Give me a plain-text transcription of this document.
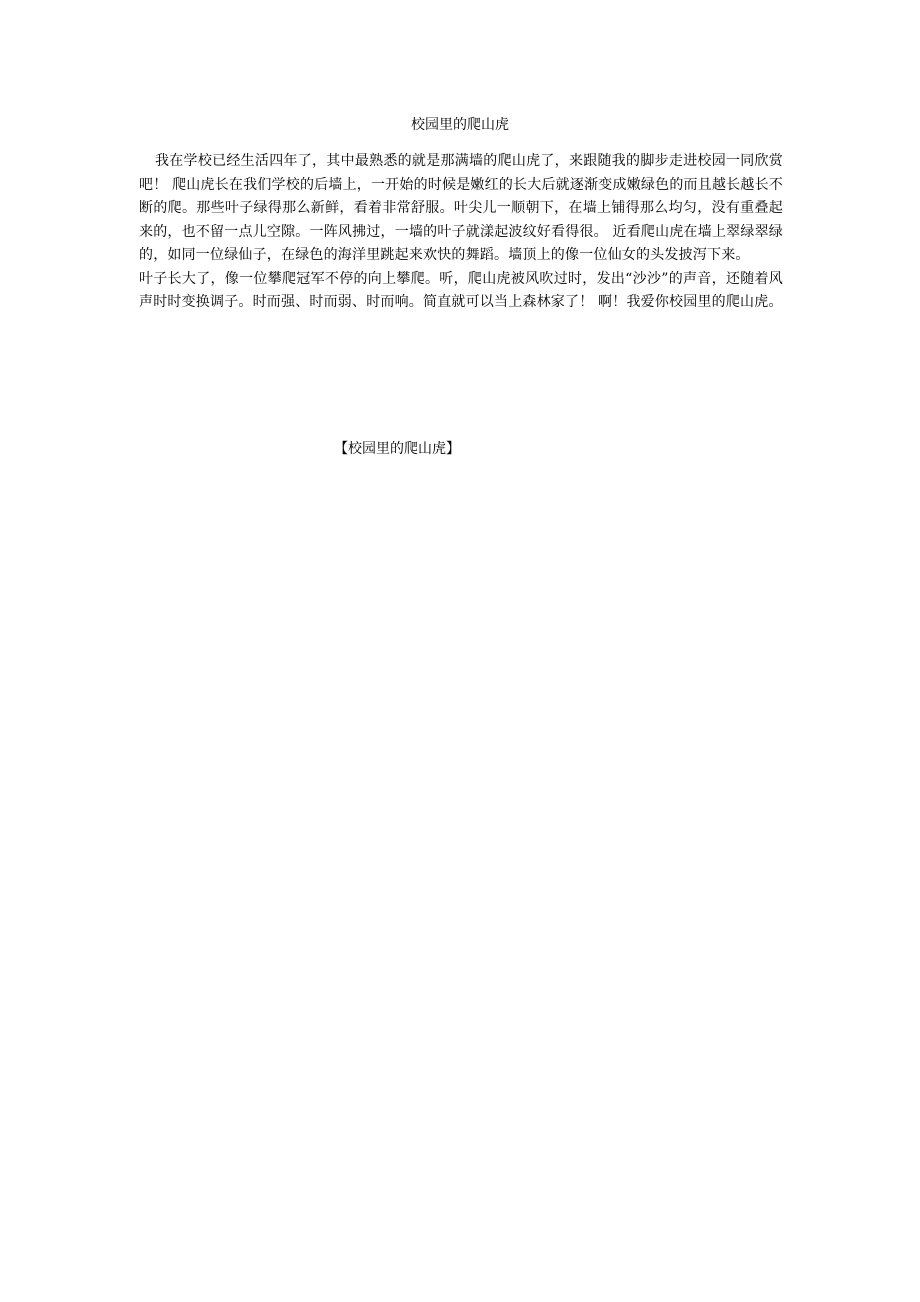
校园里的爬山虎

我在学校已经生活四年了，其中最熟悉的就是那满墙的爬山虎了，来跟随我的脚步走进校园一同欣赏吧！ 爬山虎长在我们学校的后墙上，一开始的时候是嫩红的长大后就逐渐变成嫩绿色的而且越长越长不断的爬。那些叶子绿得那么新鲜，看着非常舒服。叶尖儿一顺朝下，在墙上铺得那么均匀，没有重叠起来的，也不留一点儿空隙。一阵风拂过，一墙的叶子就漾起波纹好看得很。 近看爬山虎在墙上翠绿翠绿的，如同一位绿仙子，在绿色的海洋里跳起来欢快的舞蹈。墙顶上的像一位仙女的头发披泻下来。

叶子长大了，像一位攀爬冠军不停的向上攀爬。听，爬山虎被风吹过时，发出“沙沙”的声音，还随着风声时时变换调子。时而强、时而弱、时而响。简直就可以当上森林家了！ 啊！我爱你校园里的爬山虎。

【校园里的爬山虎】
